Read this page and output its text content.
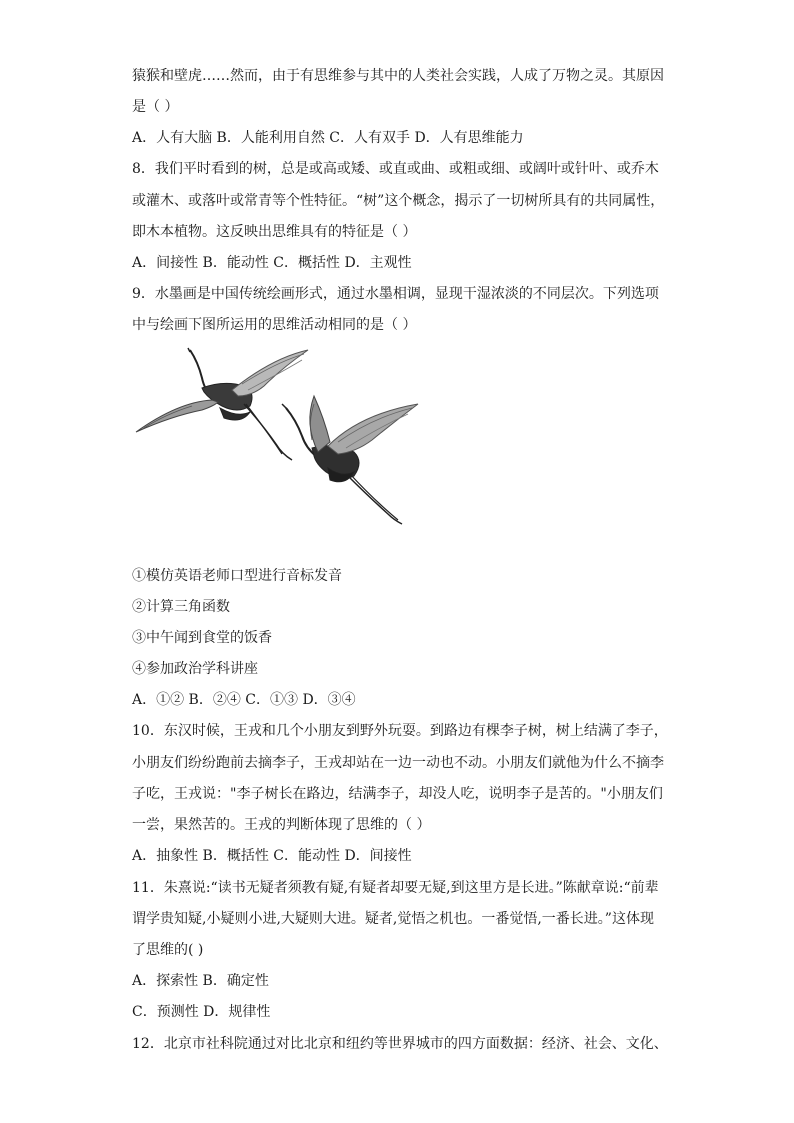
猿猴和壁虎……然而，由于有思维参与其中的人类社会实践，人成了万物之灵。其原因
是（ ）
A．人有大脑 B．人能利用自然 C．人有双手 D．人有思维能力
8．我们平时看到的树，总是或高或矮、或直或曲、或粗或细、或阔叶或针叶、或乔木
或灌木、或落叶或常青等个性特征。“树”这个概念，揭示了一切树所具有的共同属性，
即木本植物。这反映出思维具有的特征是（ ）
A．间接性 B．能动性 C．概括性 D．主观性
9．水墨画是中国传统绘画形式，通过水墨相调，显现干湿浓淡的不同层次。下列选项
中与绘画下图所运用的思维活动相同的是（ ）
①模仿英语老师口型进行音标发音
②计算三角函数
③中午闻到食堂的饭香
④参加政治学科讲座
A．①② B．②④ C．①③ D．③④
10．东汉时候，王戎和几个小朋友到野外玩耍。到路边有棵李子树，树上结满了李子，
小朋友们纷纷跑前去摘李子，王戎却站在一边一动也不动。小朋友们就他为什么不摘李
子吃，王戎说："李子树长在路边，结满李子，却没人吃，说明李子是苦的。"小朋友们
一尝，果然苦的。王戎的判断体现了思维的（ ）
A．抽象性 B．概括性 C．能动性 D．间接性
11．朱熹说:“读书无疑者须教有疑,有疑者却要无疑,到这里方是长进。”陈献章说:“前辈
谓学贵知疑,小疑则小进,大疑则大进。疑者,觉悟之机也。一番觉悟,一番长进。”这体现
了思维的( )
A．探索性 B．确定性
C．预测性 D．规律性
12．北京市社科院通过对比北京和纽约等世界城市的四方面数据：经济、社会、文化、
